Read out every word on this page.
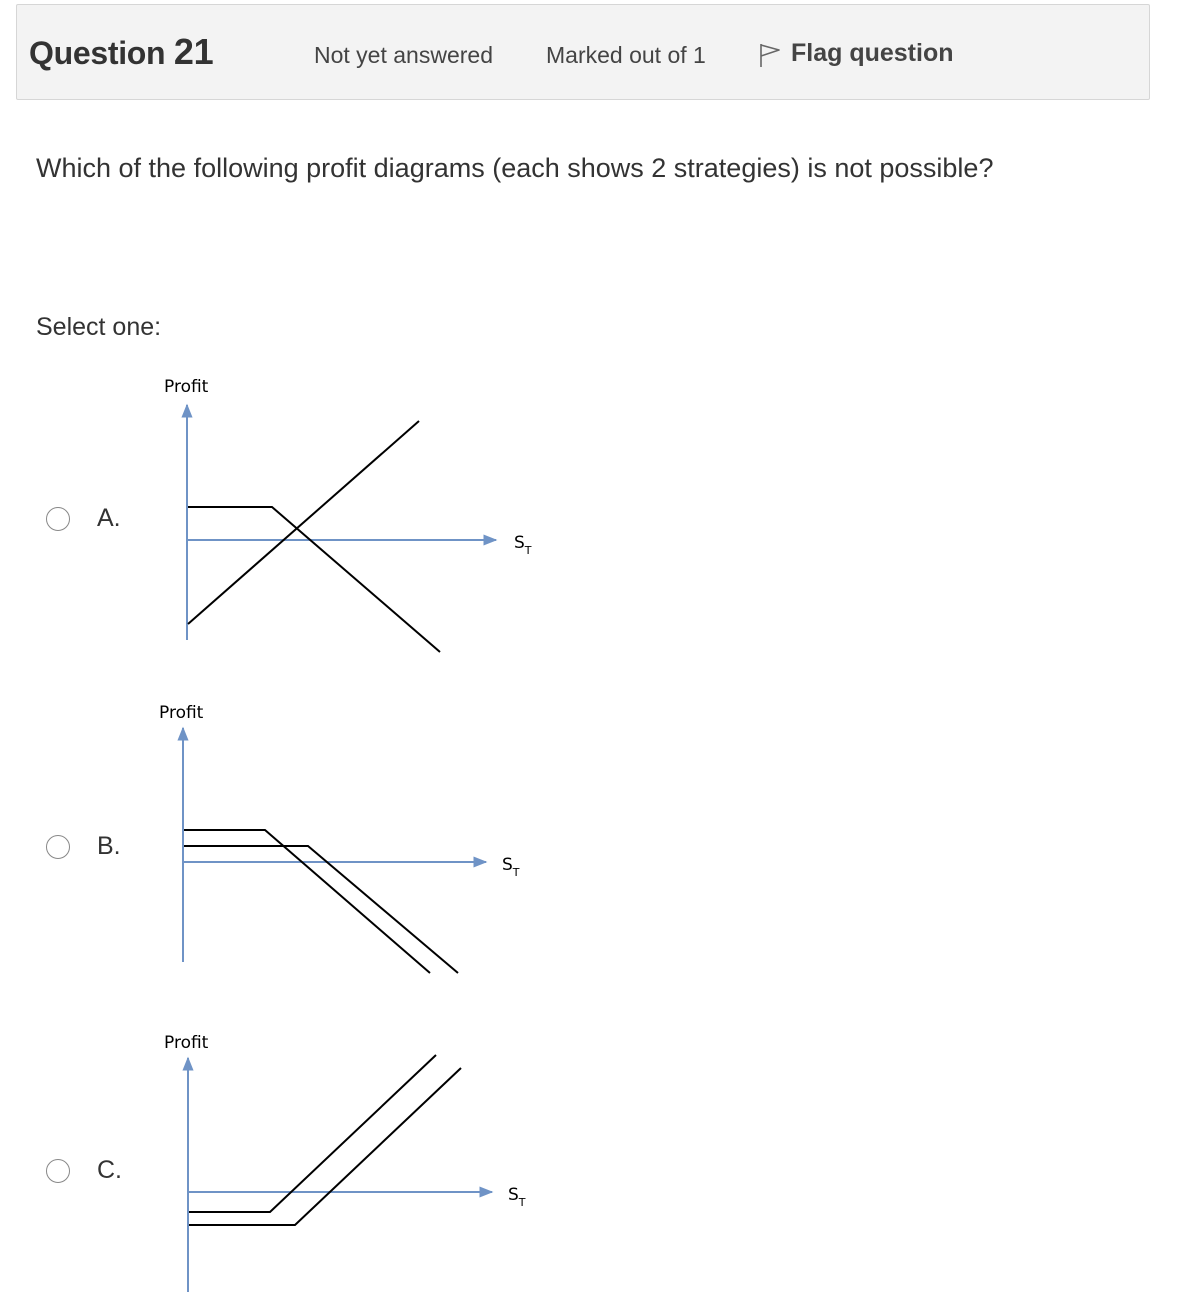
Question 21	Not yet answered Marked out of 1	Flag question
Which of the following profit diagrams (each shows 2 strategies) is not possible?
Select one:
A.
Profit
$S_T$
B.
Profit
$S_T$
C.
Profit
$S_T$
